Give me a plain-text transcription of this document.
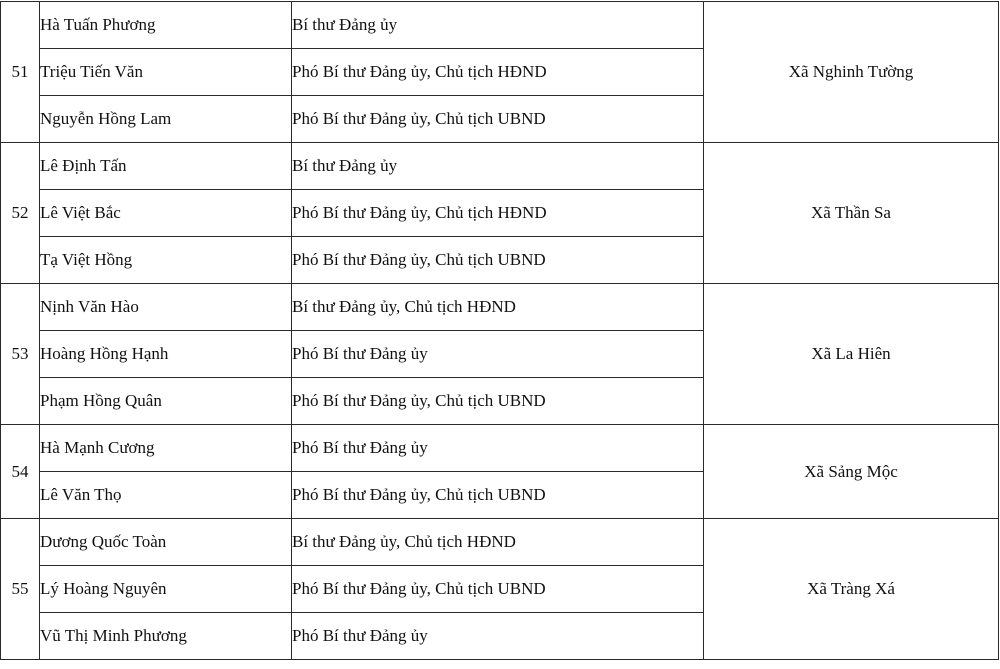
51	Hà Tuấn Phương	Bí thư Đảng ủy	Xã Nghinh Tường
	Triệu Tiến Văn	Phó Bí thư Đảng ủy, Chủ tịch HĐND	
	Nguyễn Hồng Lam	Phó Bí thư Đảng ủy, Chủ tịch UBND	
52	Lê Định Tấn	Bí thư Đảng ủy	Xã Thần Sa
	Lê Việt Bắc	Phó Bí thư Đảng ủy, Chủ tịch HĐND	
	Tạ Việt Hồng	Phó Bí thư Đảng ủy, Chủ tịch UBND	
53	Nịnh Văn Hào	Bí thư Đảng ủy, Chủ tịch HĐND	Xã La Hiên
	Hoàng Hồng Hạnh	Phó Bí thư Đảng ủy	
	Phạm Hồng Quân	Phó Bí thư Đảng ủy, Chủ tịch UBND	
54	Hà Mạnh Cương	Phó Bí thư Đảng ủy	Xã Sảng Mộc
	Lê Văn Thọ	Phó Bí thư Đảng ủy, Chủ tịch UBND	
55	Dương Quốc Toàn	Bí thư Đảng ủy, Chủ tịch HĐND	Xã Tràng Xá
	Lý Hoàng Nguyên	Phó Bí thư Đảng ủy, Chủ tịch UBND	
	Vũ Thị Minh Phương	Phó Bí thư Đảng ủy	
